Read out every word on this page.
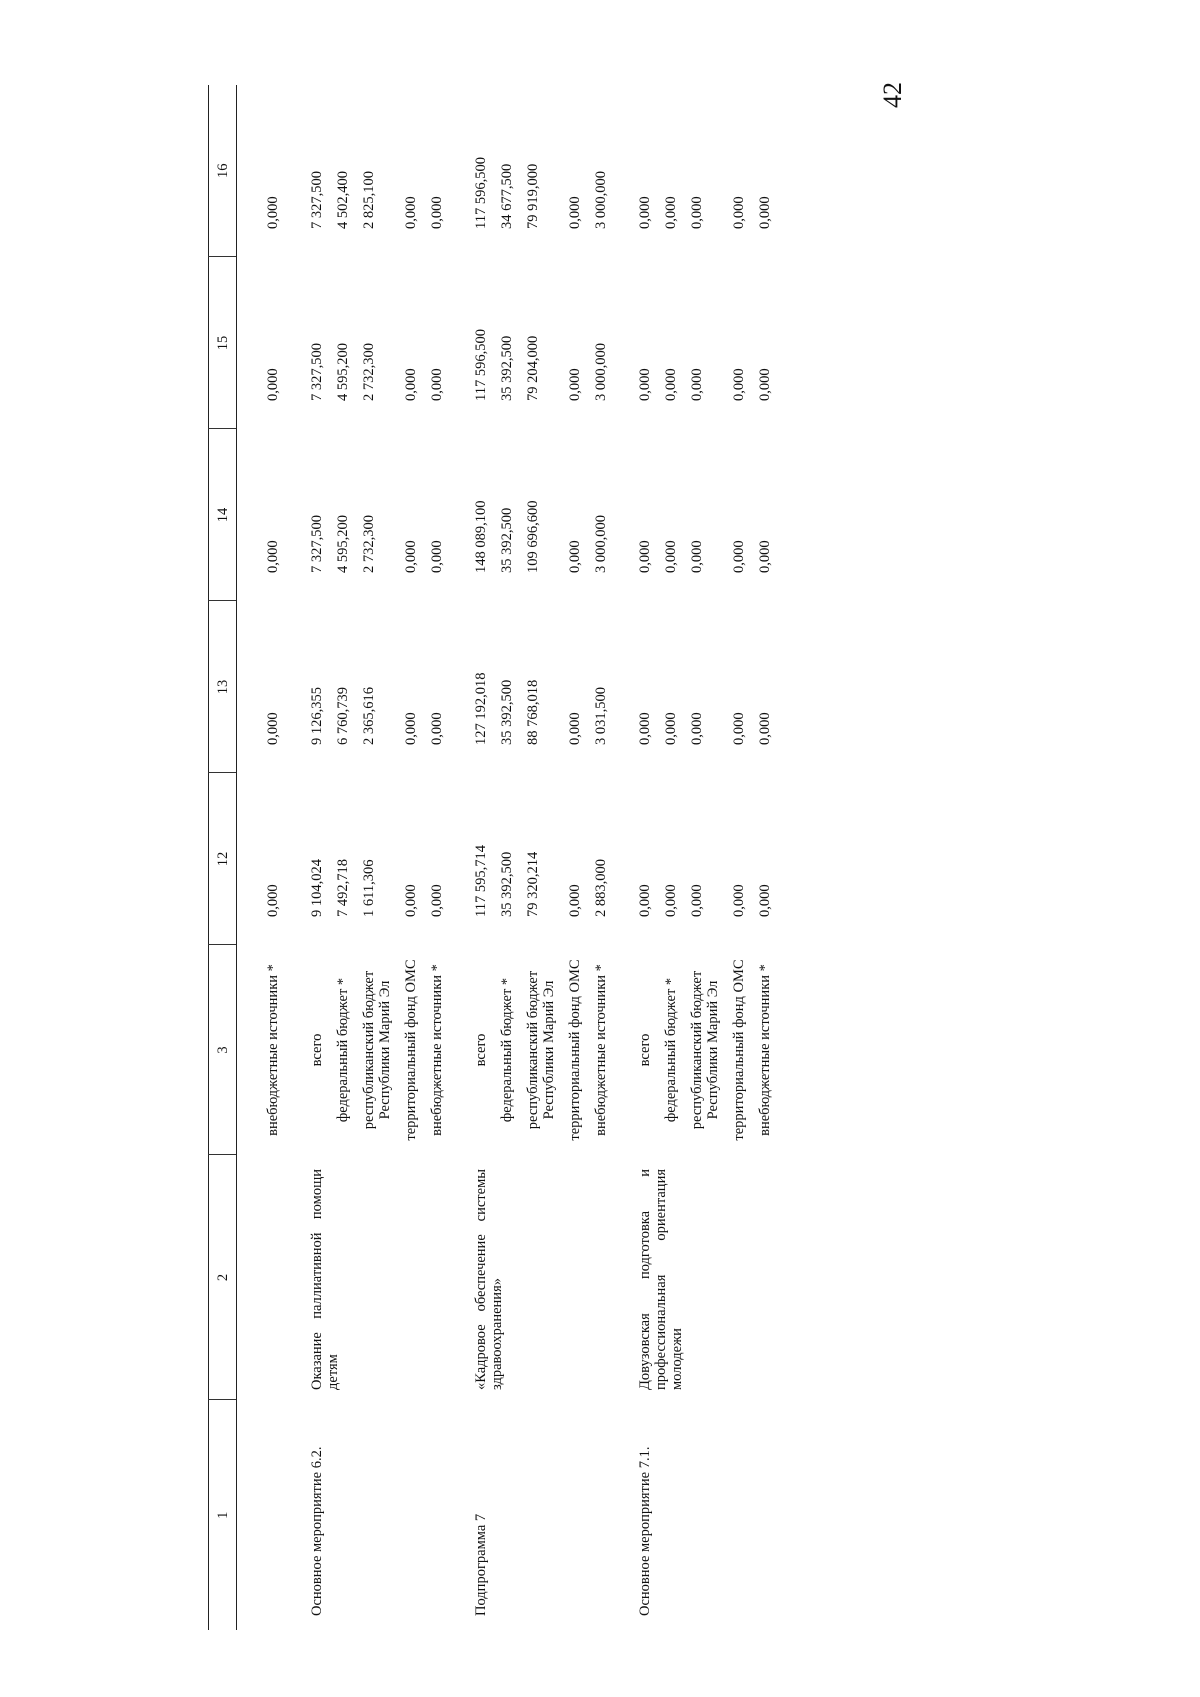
42
1	2	3	12	13	14	15	16
		внебюджетные источники *	0,000	0,000	0,000	0,000	0,000
Основное мероприятие 6.2.	Оказание паллиативной помощи детям	всего	9 104,024	9 126,355	7 327,500	7 327,500	7 327,500
		федеральный бюджет *	7 492,718	6 760,739	4 595,200	4 595,200	4 502,400
		республиканский бюджет Республики Марий Эл	1 611,306	2 365,616	2 732,300	2 732,300	2 825,100
		территориальный фонд ОМС	0,000	0,000	0,000	0,000	0,000
		внебюджетные источники *	0,000	0,000	0,000	0,000	0,000
Подпрограмма 7	«Кадровое обеспечение системы здравоохранения»	всего	117 595,714	127 192,018	148 089,100	117 596,500	117 596,500
		федеральный бюджет *	35 392,500	35 392,500	35 392,500	35 392,500	34 677,500
		республиканский бюджет Республики Марий Эл	79 320,214	88 768,018	109 696,600	79 204,000	79 919,000
		территориальный фонд ОМС	0,000	0,000	0,000	0,000	0,000
		внебюджетные источники *	2 883,000	3 031,500	3 000,000	3 000,000	3 000,000
Основное мероприятие 7.1.	Довузовская подготовка и профессиональная ориентация молодежи	всего	0,000	0,000	0,000	0,000	0,000
		федеральный бюджет *	0,000	0,000	0,000	0,000	0,000
		республиканский бюджет Республики Марий Эл	0,000	0,000	0,000	0,000	0,000
		территориальный фонд ОМС	0,000	0,000	0,000	0,000	0,000
		внебюджетные источники *	0,000	0,000	0,000	0,000	0,000
